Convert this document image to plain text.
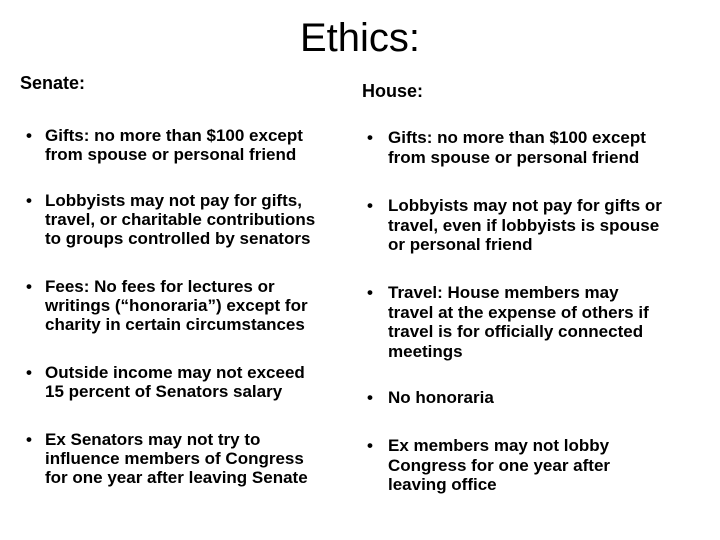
Ethics:
Senate:	House:
• Gifts: no more than $100 except
from spouse or personal friend
• Lobbyists may not pay for gifts,
travel, or charitable contributions
to groups controlled by senators
• Fees: No fees for lectures or
writings (“honoraria”) except for
charity in certain circumstances
• Outside income may not exceed
15 percent of Senators salary
• Ex Senators may not try to
influence members of Congress
for one year after leaving Senate
• Gifts: no more than $100 except
from spouse or personal friend
• Lobbyists may not pay for gifts or
travel, even if lobbyists is spouse
or personal friend
• Travel: House members may
travel at the expense of others if
travel is for officially connected
meetings
• No honoraria
• Ex members may not lobby
Congress for one year after
leaving office
